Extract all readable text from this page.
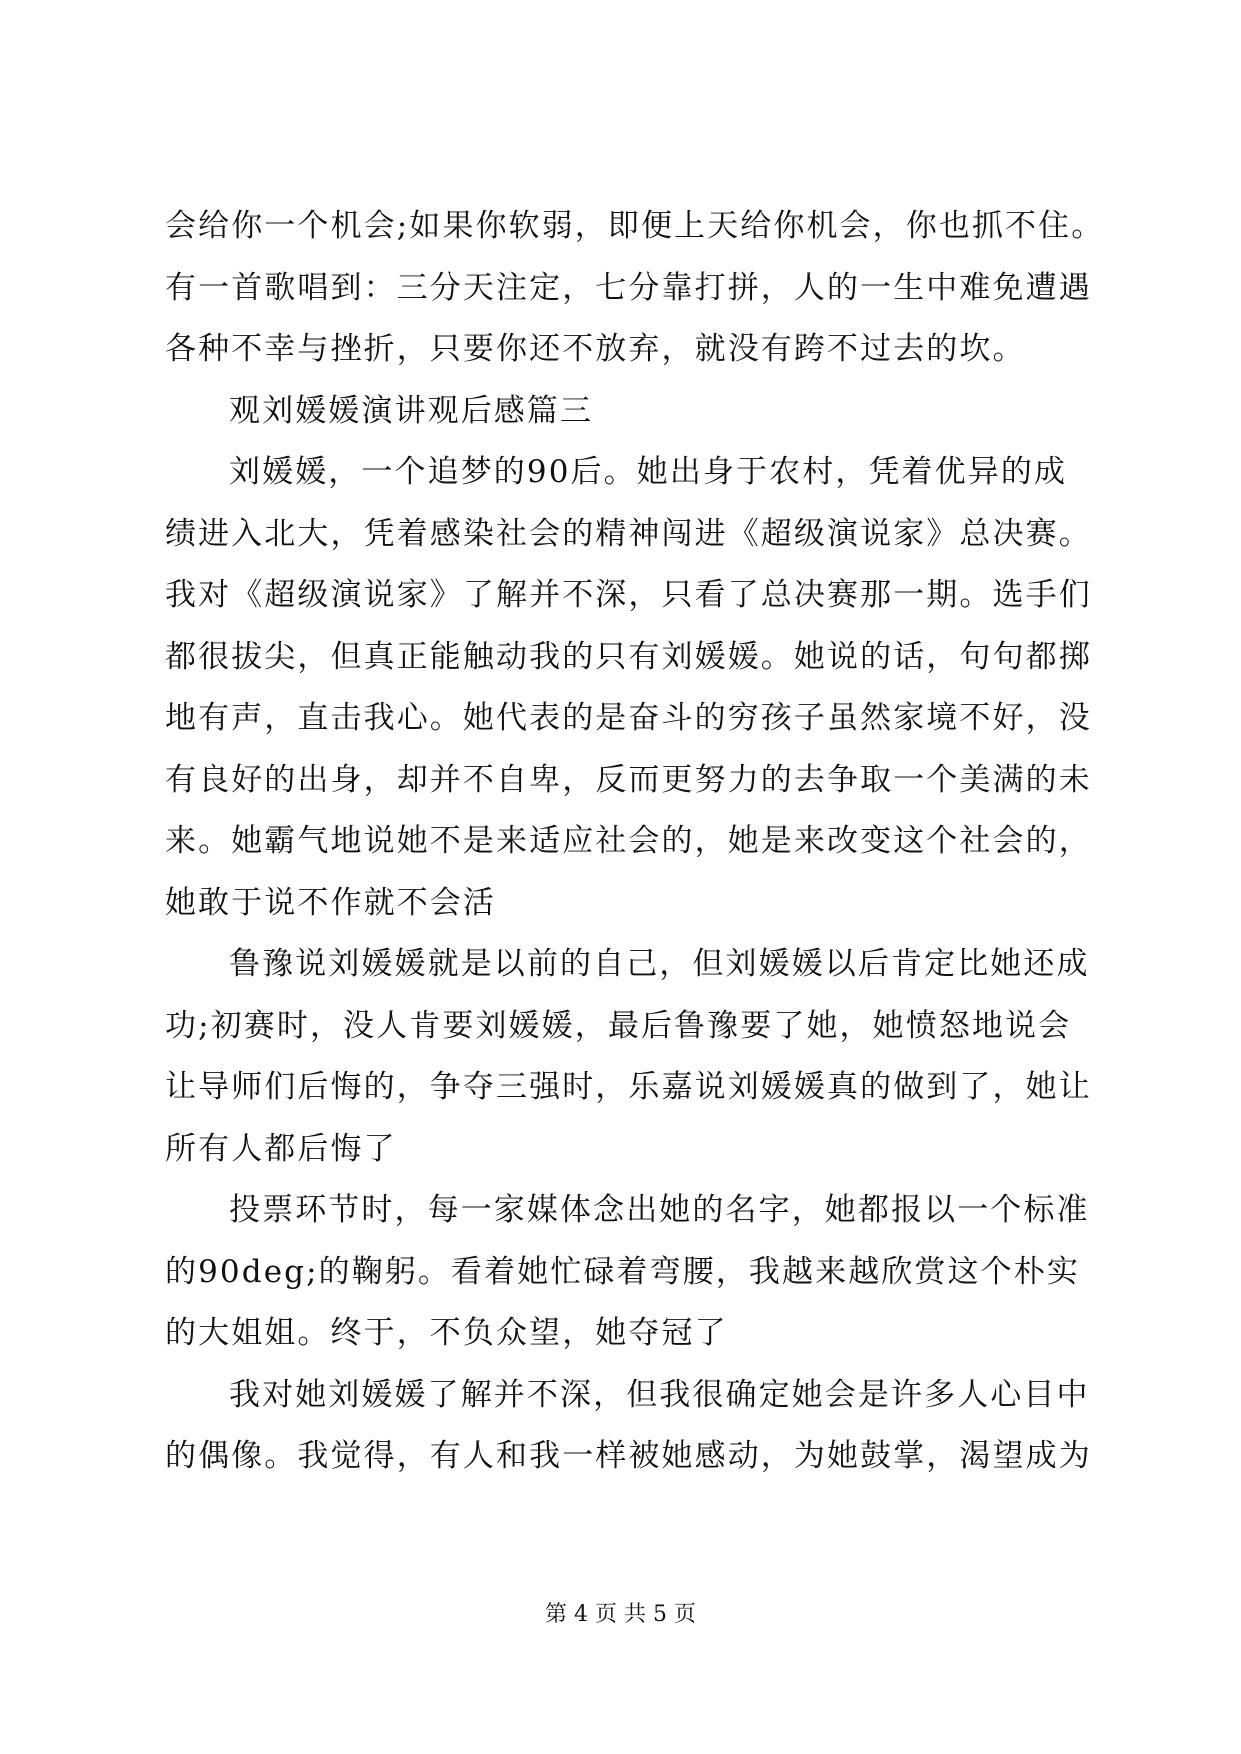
会给你一个机会;如果你软弱，即便上天给你机会，你也抓不住。
有一首歌唱到：三分天注定，七分靠打拼，人的一生中难免遭遇
各种不幸与挫折，只要你还不放弃，就没有跨不过去的坎。
观刘媛媛演讲观后感篇三
刘媛媛，一个追梦的90后。她出身于农村，凭着优异的成
绩进入北大，凭着感染社会的精神闯进《超级演说家》总决赛。
我对《超级演说家》了解并不深，只看了总决赛那一期。选手们
都很拔尖，但真正能触动我的只有刘媛媛。她说的话，句句都掷
地有声，直击我心。她代表的是奋斗的穷孩子虽然家境不好，没
有良好的出身，却并不自卑，反而更努力的去争取一个美满的未
来。她霸气地说她不是来适应社会的，她是来改变这个社会的，
她敢于说不作就不会活
鲁豫说刘媛媛就是以前的自己，但刘媛媛以后肯定比她还成
功;初赛时，没人肯要刘媛媛，最后鲁豫要了她，她愤怒地说会
让导师们后悔的，争夺三强时，乐嘉说刘媛媛真的做到了，她让
所有人都后悔了
投票环节时，每一家媒体念出她的名字，她都报以一个标准
的90deg;的鞠躬。看着她忙碌着弯腰，我越来越欣赏这个朴实
的大姐姐。终于，不负众望，她夺冠了
我对她刘媛媛了解并不深，但我很确定她会是许多人心目中
的偶像。我觉得，有人和我一样被她感动，为她鼓掌，渴望成为
第 4 页 共 5 页
